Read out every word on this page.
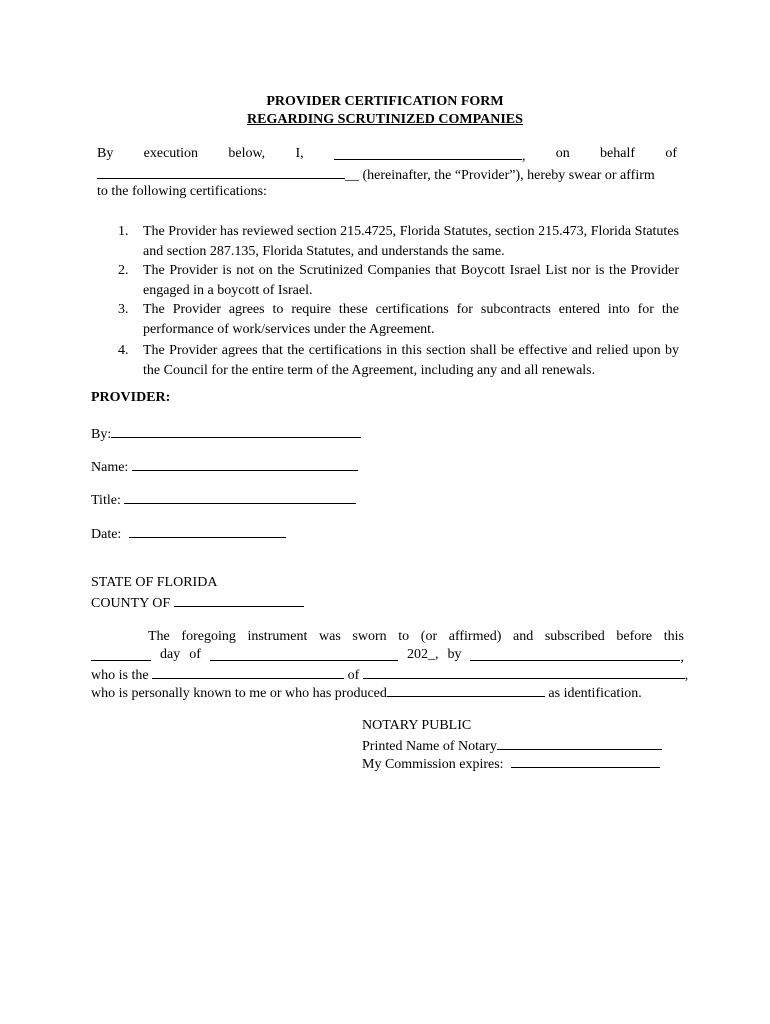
PROVIDER CERTIFICATION FORM
REGARDING SCRUTINIZED COMPANIES
By execution below, I,	, on behalf of
__ (hereinafter, the “Provider”), hereby swear or affirm
to the following certifications:
1. The Provider has reviewed section 215.4725, Florida Statutes, section 215.473, Florida Statutes and section 287.135, Florida Statutes, and understands the same.
2. The Provider is not on the Scrutinized Companies that Boycott Israel List nor is the Provider engaged in a boycott of Israel.
3. The Provider agrees to require these certifications for subcontracts entered into for the performance of work/services under the Agreement.
4. The Provider agrees that the certifications in this section shall be effective and relied upon by the Council for the entire term of the Agreement, including any and all renewals.
PROVIDER:
By:
Name:
Title:
Date:
STATE OF FLORIDA
COUNTY OF
The foregoing instrument was sworn to (or affirmed) and subscribed before this
day of	202_, by	,
who is the	of	,
who is personally known to me or who has produced	as identification.
NOTARY PUBLIC
Printed Name of Notary
My Commission expires:
